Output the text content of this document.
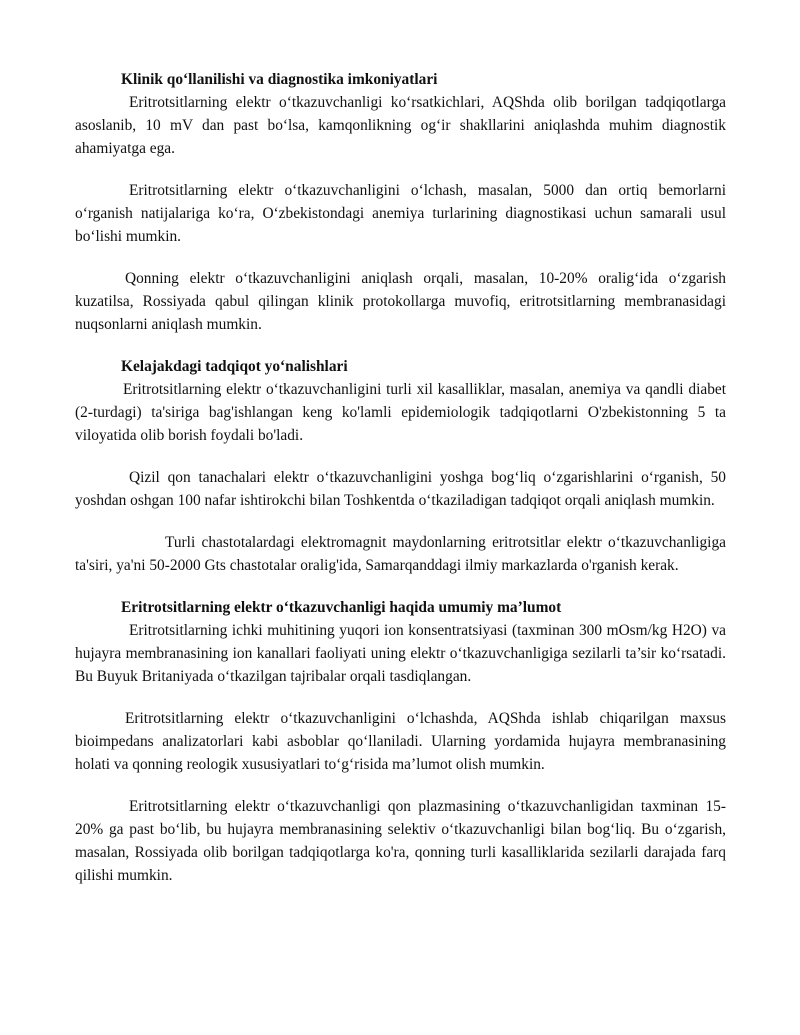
Klinik qo‘llanilishi va diagnostika imkoniyatlari

Eritrotsitlarning elektr o‘tkazuvchanligi ko‘rsatkichlari, AQShda olib borilgan tadqiqotlarga asoslanib, 10 mV dan past bo‘lsa, kamqonlikning og‘ir shakllarini aniqlashda muhim diagnostik ahamiyatga ega.

Eritrotsitlarning elektr o‘tkazuvchanligini o‘lchash, masalan, 5000 dan ortiq bemorlarni o‘rganish natijalariga ko‘ra, O‘zbekistondagi anemiya turlarining diagnostikasi uchun samarali usul bo‘lishi mumkin.

Qonning elektr o‘tkazuvchanligini aniqlash orqali, masalan, 10-20% oralig‘ida o‘zgarish kuzatilsa, Rossiyada qabul qilingan klinik protokollarga muvofiq, eritrotsitlarning membranasidagi nuqsonlarni aniqlash mumkin.

Kelajakdagi tadqiqot yo‘nalishlari

Eritrotsitlarning elektr o‘tkazuvchanligini turli xil kasalliklar, masalan, anemiya va qandli diabet (2-turdagi) ta'siriga bag'ishlangan keng ko'lamli epidemiologik tadqiqotlarni O'zbekistonning 5 ta viloyatida olib borish foydali bo'ladi.

Qizil qon tanachalari elektr o‘tkazuvchanligini yoshga bog‘liq o‘zgarishlarini o‘rganish, 50 yoshdan oshgan 100 nafar ishtirokchi bilan Toshkentda o‘tkaziladigan tadqiqot orqali aniqlash mumkin.

Turli chastotalardagi elektromagnit maydonlarning eritrotsitlar elektr o‘tkazuvchanligiga ta'siri, ya'ni 50-2000 Gts chastotalar oralig'ida, Samarqanddagi ilmiy markazlarda o'rganish kerak.

Eritrotsitlarning elektr o‘tkazuvchanligi haqida umumiy ma’lumot

Eritrotsitlarning ichki muhitining yuqori ion konsentratsiyasi (taxminan 300 mOsm/kg H2O) va hujayra membranasining ion kanallari faoliyati uning elektr o‘tkazuvchanligiga sezilarli ta’sir ko‘rsatadi. Bu Buyuk Britaniyada o‘tkazilgan tajribalar orqali tasdiqlangan.

Eritrotsitlarning elektr o‘tkazuvchanligini o‘lchashda, AQShda ishlab chiqarilgan maxsus bioimpedans analizatorlari kabi asboblar qo‘llaniladi. Ularning yordamida hujayra membranasining holati va qonning reologik xususiyatlari to‘g‘risida ma’lumot olish mumkin.

Eritrotsitlarning elektr o‘tkazuvchanligi qon plazmasining o‘tkazuvchanligidan taxminan 15-20% ga past bo‘lib, bu hujayra membranasining selektiv o‘tkazuvchanligi bilan bog‘liq. Bu o‘zgarish, masalan, Rossiyada olib borilgan tadqiqotlarga ko'ra, qonning turli kasalliklarida sezilarli darajada farq qilishi mumkin.
